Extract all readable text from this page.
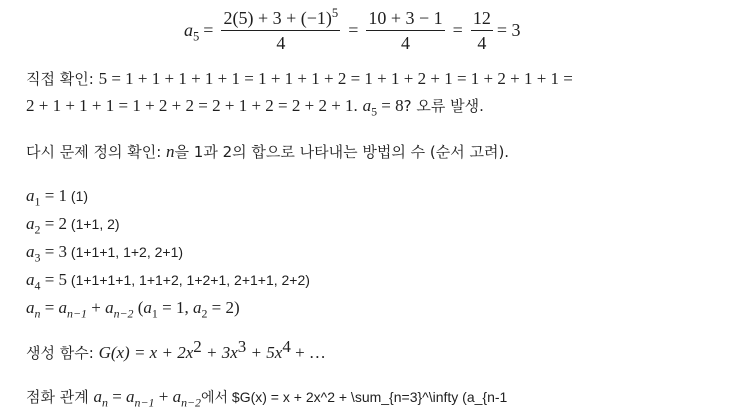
$a_5 = \frac{2(5) + 3 + (-1)^5}{4} = \frac{10 + 3 - 1}{4} = \frac{12}{4} = 3$
직접 확인: 5 = 1 + 1 + 1 + 1 + 1 = 1 + 1 + 1 + 2 = 1 + 1 + 2 + 1 = 1 + 2 + 1 + 1 =
2 + 1 + 1 + 1 = 1 + 2 + 2 = 2 + 1 + 2 = 2 + 2 + 1. $a_5 = 8$? 오류 발생.
다시 문제 정의 확인: n을 1과 2의 합으로 나타내는 방법의 수 (순서 고려).
$a_1 = 1$ (1)
$a_2 = 2$ (1+1, 2)
$a_3 = 3$ (1+1+1, 1+2, 2+1)
$a_4 = 5$ (1+1+1+1, 1+1+2, 1+2+1, 2+1+1, 2+2)
$a_n = a_{n-1} + a_{n-2}$ ($a_1 = 1$, $a_2 = 2$)
생성 함수: $G(x) = x + 2x^2 + 3x^3 + 5x^4$ + …
점화 관계 $a_n = a_{n-1} + a_{n-2}$에서 $G(x) = x + 2x^2 + \sum_{n=3}^\infty (a_{n-1
